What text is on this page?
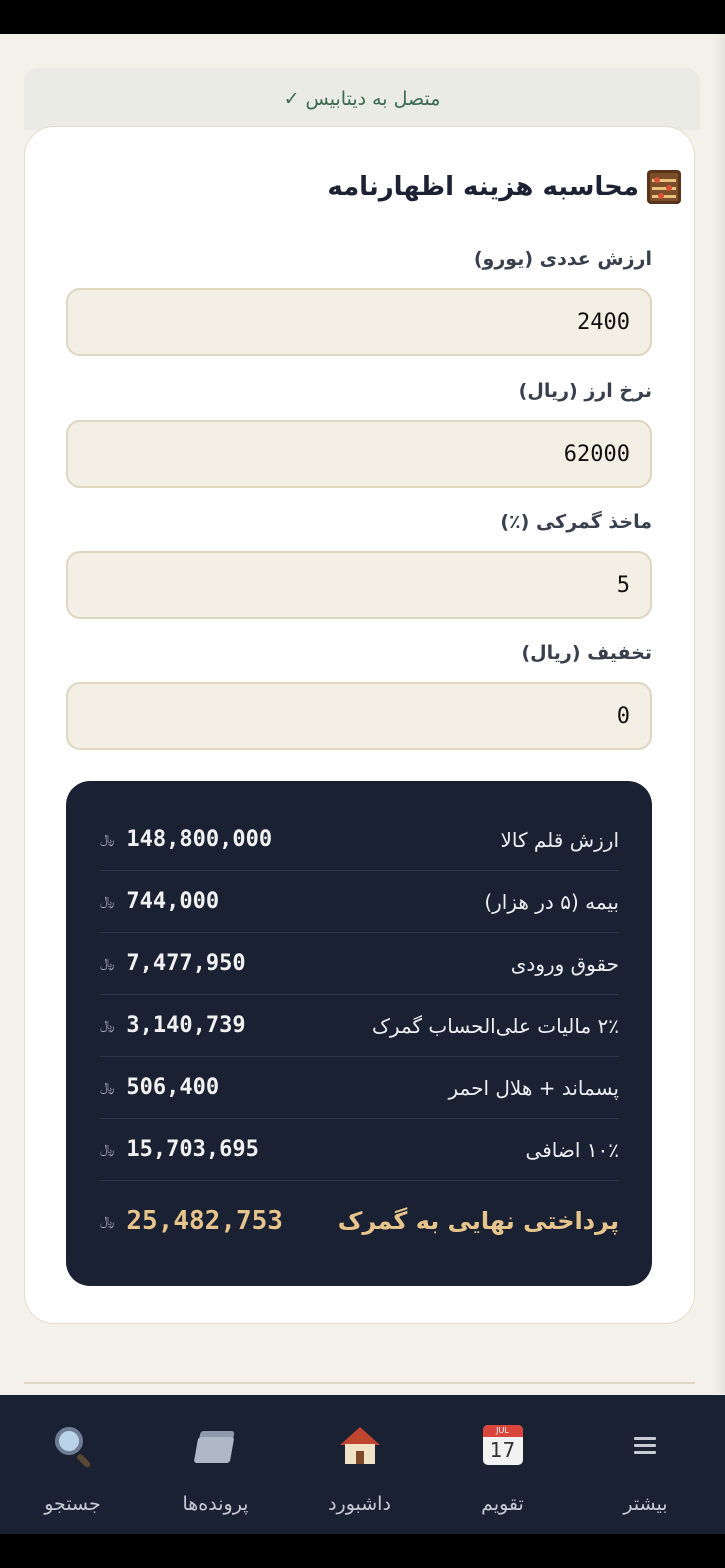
✓ متصل به دیتابیس
محاسبه هزینه اظهارنامه
ارزش عددی (یورو)
2400
نرخ ارز (ریال)
62000
ماخذ گمرکی (٪)
5
تخفیف (ریال)
0
﷼ 148,800,000	ارزش قلم کالا
﷼ 744,000	بیمه (۵ در هزار)
﷼ 7,477,950	حقوق ورودی
﷼ 3,140,739	۲٪ مالیات علی‌الحساب گمرک
﷼ 506,400	پسماند + هلال احمر
﷼ 15,703,695	۱۰٪ اضافی
﷼ 25,482,753 پرداختی نهایی به گمرک
جستجو	پرونده‌ها	داشبورد
JUL
17
تقویم	بیشتر
